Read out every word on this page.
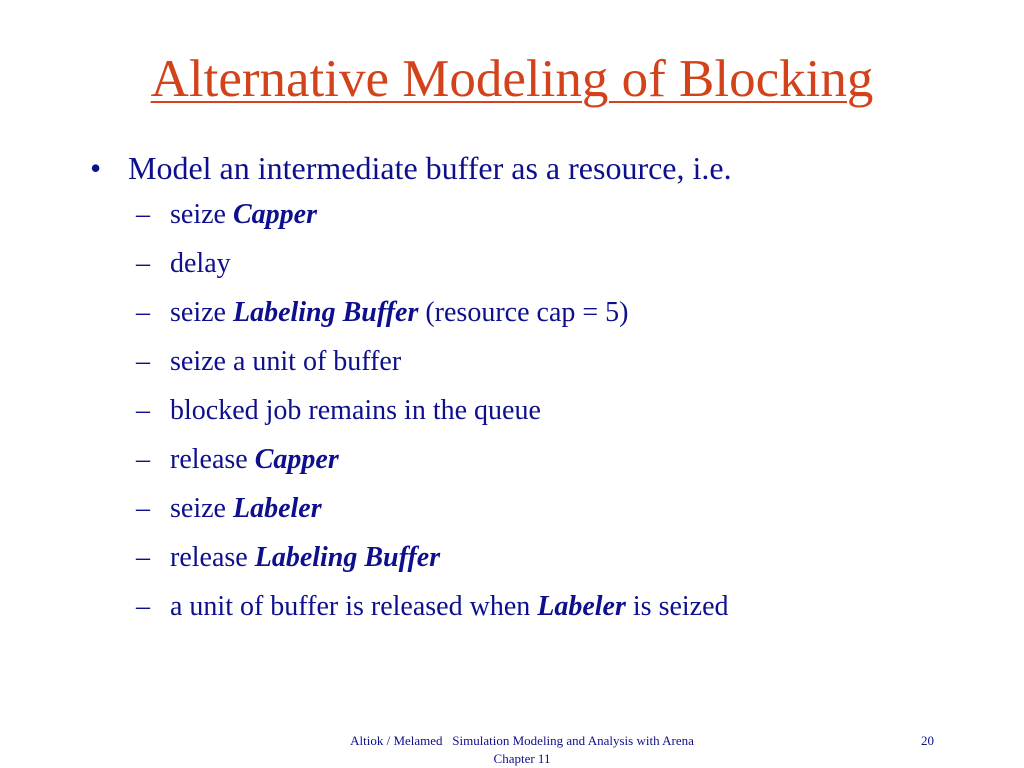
Alternative Modeling of Blocking
• Model an intermediate buffer as a resource, i.e.
– seize Capper
– delay
– seize Labeling Buffer (resource cap = 5)
– seize a unit of buffer
– blocked job remains in the queue
– release Capper
– seize Labeler
– release Labeling Buffer
– a unit of buffer is released when Labeler is seized
Altiok / Melamed   Simulation Modeling and Analysis with Arena
Chapter 11
20
